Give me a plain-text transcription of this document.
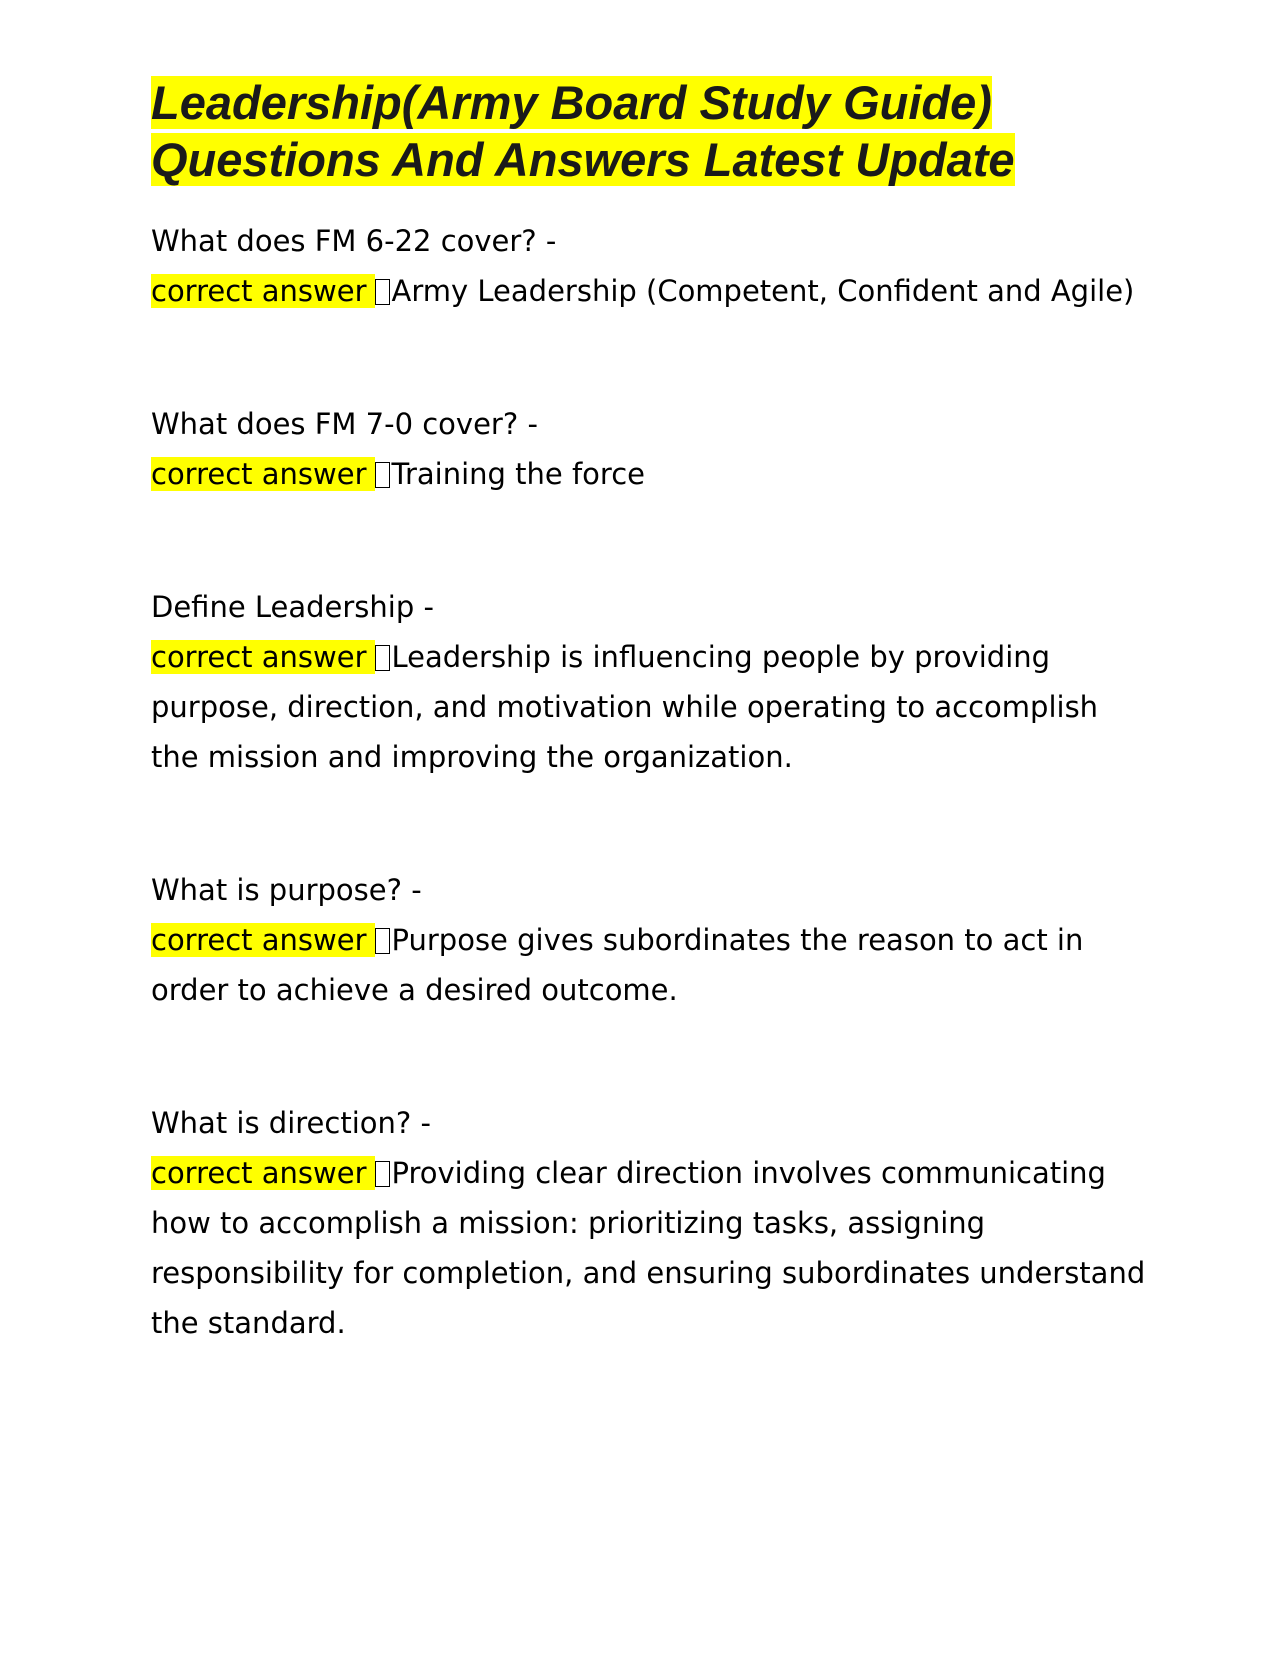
Leadership(Army Board Study Guide)
Questions And Answers Latest Update
What does FM 6-22 cover? -
correct answer Army Leadership (Competent, Confident and Agile)
What does FM 7-0 cover? -
correct answer Training the force
Define Leadership -
correct answer Leadership is influencing people by providing purpose, direction, and motivation while operating to accomplish the mission and improving the organization.
What is purpose? -
correct answer Purpose gives subordinates the reason to act in order to achieve a desired outcome.
What is direction? -
correct answer Providing clear direction involves communicating how to accomplish a mission: prioritizing tasks, assigning responsibility for completion, and ensuring subordinates understand the standard.
